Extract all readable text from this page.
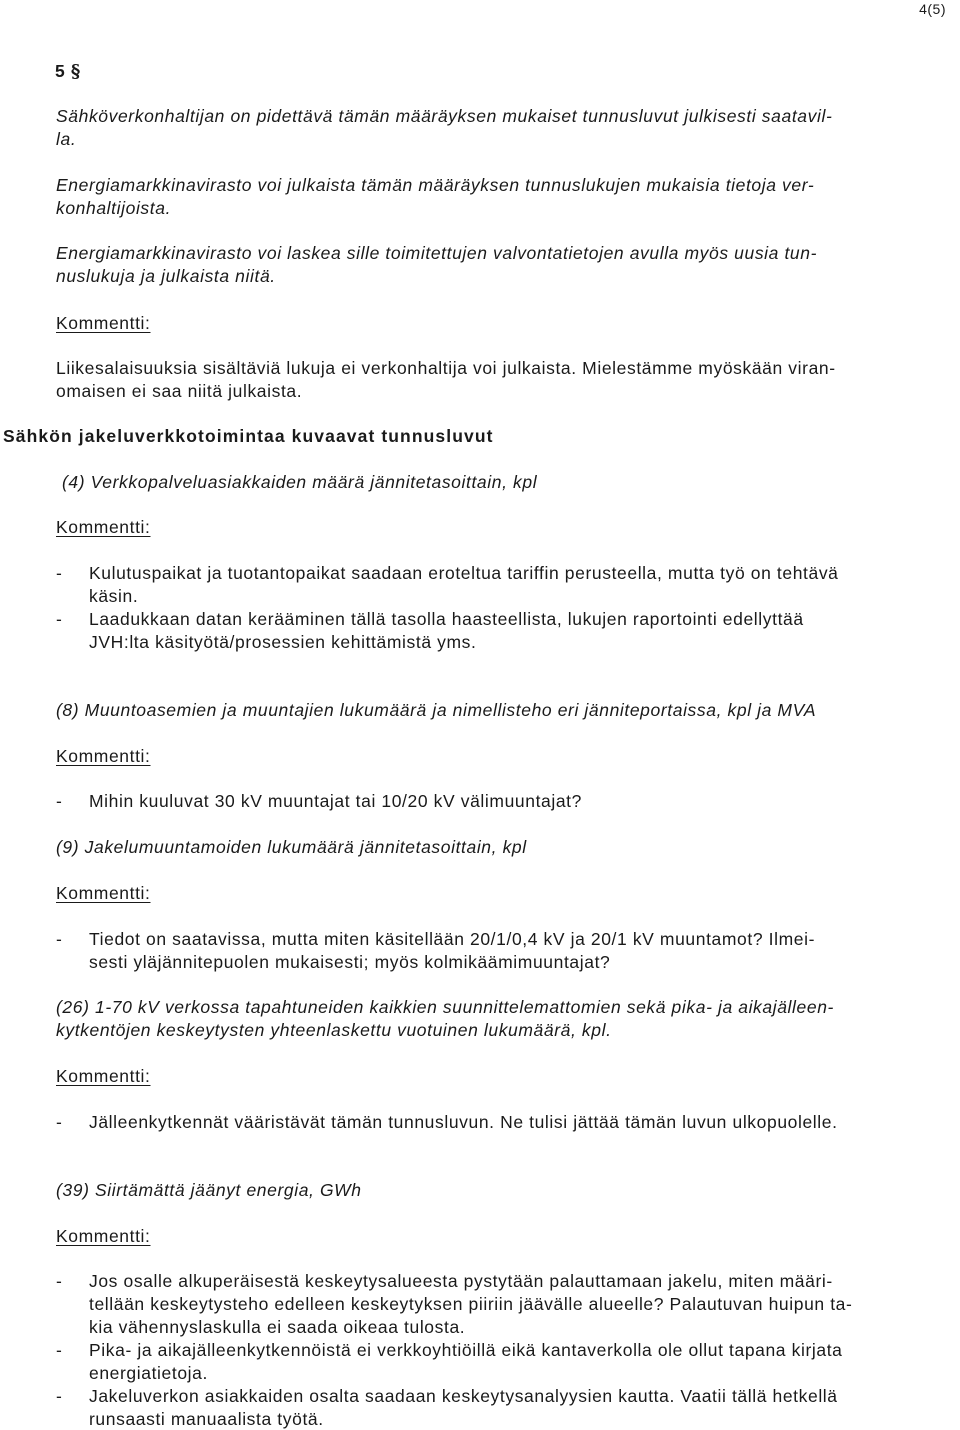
4(5)
5 §
Sähköverkonhaltijan on pidettävä tämän määräyksen mukaiset tunnusluvut julkisesti saatavil-
la.
Energiamarkkinavirasto voi julkaista tämän määräyksen tunnuslukujen mukaisia tietoja ver-
konhaltijoista.
Energiamarkkinavirasto voi laskea sille toimitettujen valvontatietojen avulla myös uusia tun-
nuslukuja ja julkaista niitä.
Kommentti:
Liikesalaisuuksia sisältäviä lukuja ei verkonhaltija voi julkaista. Mielestämme myöskään viran-
omaisen ei saa niitä julkaista.
Sähkön jakeluverkkotoimintaa kuvaavat tunnusluvut
(4) Verkkopalveluasiakkaiden määrä jännitetasoittain, kpl
Kommentti:
- Kulutuspaikat ja tuotantopaikat saadaan eroteltua tariffin perusteella, mutta työ on tehtävä
käsin.
- Laadukkaan datan kerääminen tällä tasolla haasteellista, lukujen raportointi edellyttää
JVH:lta käsityötä/prosessien kehittämistä yms.
(8) Muuntoasemien ja muuntajien lukumäärä ja nimellisteho eri jänniteportaissa, kpl ja MVA
Kommentti:
- Mihin kuuluvat 30 kV muuntajat tai 10/20 kV välimuuntajat?
(9) Jakelumuuntamoiden lukumäärä jännitetasoittain, kpl
Kommentti:
- Tiedot on saatavissa, mutta miten käsitellään 20/1/0,4 kV ja 20/1 kV muuntamot? Ilmei-
sesti yläjännitepuolen mukaisesti; myös kolmikäämimuuntajat?
(26) 1-70 kV verkossa tapahtuneiden kaikkien suunnittelemattomien sekä pika- ja aikajälleen-
kytkentöjen keskeytysten yhteenlaskettu vuotuinen lukumäärä, kpl.
Kommentti:
- Jälleenkytkennät vääristävät tämän tunnusluvun. Ne tulisi jättää tämän luvun ulkopuolelle.
(39) Siirtämättä jäänyt energia, GWh
Kommentti:
- Jos osalle alkuperäisestä keskeytysalueesta pystytään palauttamaan jakelu, miten määri-
tellään keskeytysteho edelleen keskeytyksen piiriin jäävälle alueelle? Palautuvan huipun ta-
kia vähennyslaskulla ei saada oikeaa tulosta.
- Pika- ja aikajälleenkytkennöistä ei verkkoyhtiöillä eikä kantaverkolla ole ollut tapana kirjata
energiatietoja.
- Jakeluverkon asiakkaiden osalta saadaan keskeytysanalyysien kautta. Vaatii tällä hetkellä
runsaasti manuaalista työtä.
